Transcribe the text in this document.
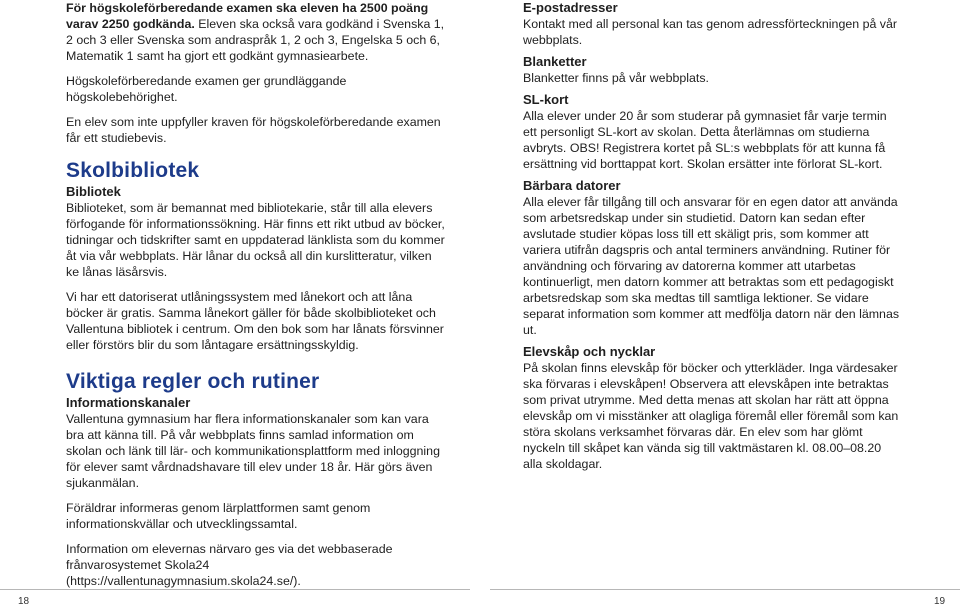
För högskoleförberedande examen ska eleven ha 2500 poäng varav 2250 godkända. Eleven ska också vara godkänd i Svenska 1, 2 och 3 eller Svenska som andraspråk 1, 2 och 3, Engelska 5 och 6, Matematik 1 samt ha gjort ett godkänt gymnasiearbete.

Högskoleförberedande examen ger grundläggande högskolebehörighet.

En elev som inte uppfyller kraven för högskoleförberedande examen får ett studiebevis.

Skolbibliotek
Bibliotek

Biblioteket, som är bemannat med bibliotekarie, står till alla elevers förfogande för informationssökning. Här finns ett rikt utbud av böcker, tidningar och tidskrifter samt en uppdaterad länklista som du kommer åt via vår webbplats. Här lånar du också all din kurslitteratur, vilken ke lånas läsårsvis.

Vi har ett datoriserat utlåningssystem med lånekort och att låna böcker är gratis. Samma lånekort gäller för både skolbiblioteket och Vallentuna bibliotek i centrum. Om den bok som har lånats försvinner eller förstörs blir du som låntagare ersättningsskyldig.

Viktiga regler och rutiner
Informationskanaler

Vallentuna gymnasium har flera informationskanaler som kan vara bra att känna till. På vår webbplats finns samlad information om skolan och länk till lär- och kommunikationsplattform med inloggning för elever samt vårdnadshavare till elev under 18 år. Här görs även sjukanmälan.

Föräldrar informeras genom lärplattformen samt genom informationskvällar och utvecklingssamtal.

Information om elevernas närvaro ges via det webbaserade frånvarosystemet Skola24 (https://vallentunagymnasium.skola24.se/).

E-postadresser

Kontakt med all personal kan tas genom adressförteckningen på vår webbplats.

Blanketter

Blanketter finns på vår webbplats.

SL-kort

Alla elever under 20 år som studerar på gymnasiet får varje termin ett personligt SL-kort av skolan. Detta återlämnas om studierna avbryts. OBS! Registrera kortet på SL:s webbplats för att kunna få ersättning vid borttappat kort. Skolan ersätter inte förlorat SL-kort.

Bärbara datorer

Alla elever får tillgång till och ansvarar för en egen dator att använda som arbetsredskap under sin studietid. Datorn kan sedan efter avslutade studier köpas loss till ett skäligt pris, som kommer att variera utifrån dagspris och antal terminers användning. Rutiner för användning och förvaring av datorerna kommer att utarbetas kontinuerligt, men datorn kommer att betraktas som ett pedagogiskt arbetsredskap som ska medtas till samtliga lektioner. Se vidare separat information som kommer att medfölja datorn när den lämnas ut.

Elevskåp och nycklar

På skolan finns elevskåp för böcker och ytterkläder. Inga värdesaker ska förvaras i elevskåpen! Observera att elevskåpen inte betraktas som privat utrymme. Med detta menas att skolan har rätt att öppna elevskåp om vi misstänker att olagliga föremål eller föremål som kan störa skolans verksamhet förvaras där. En elev som har glömt nyckeln till skåpet kan vända sig till vaktmästaren kl. 08.00–08.20 alla skoldagar.

18	19
